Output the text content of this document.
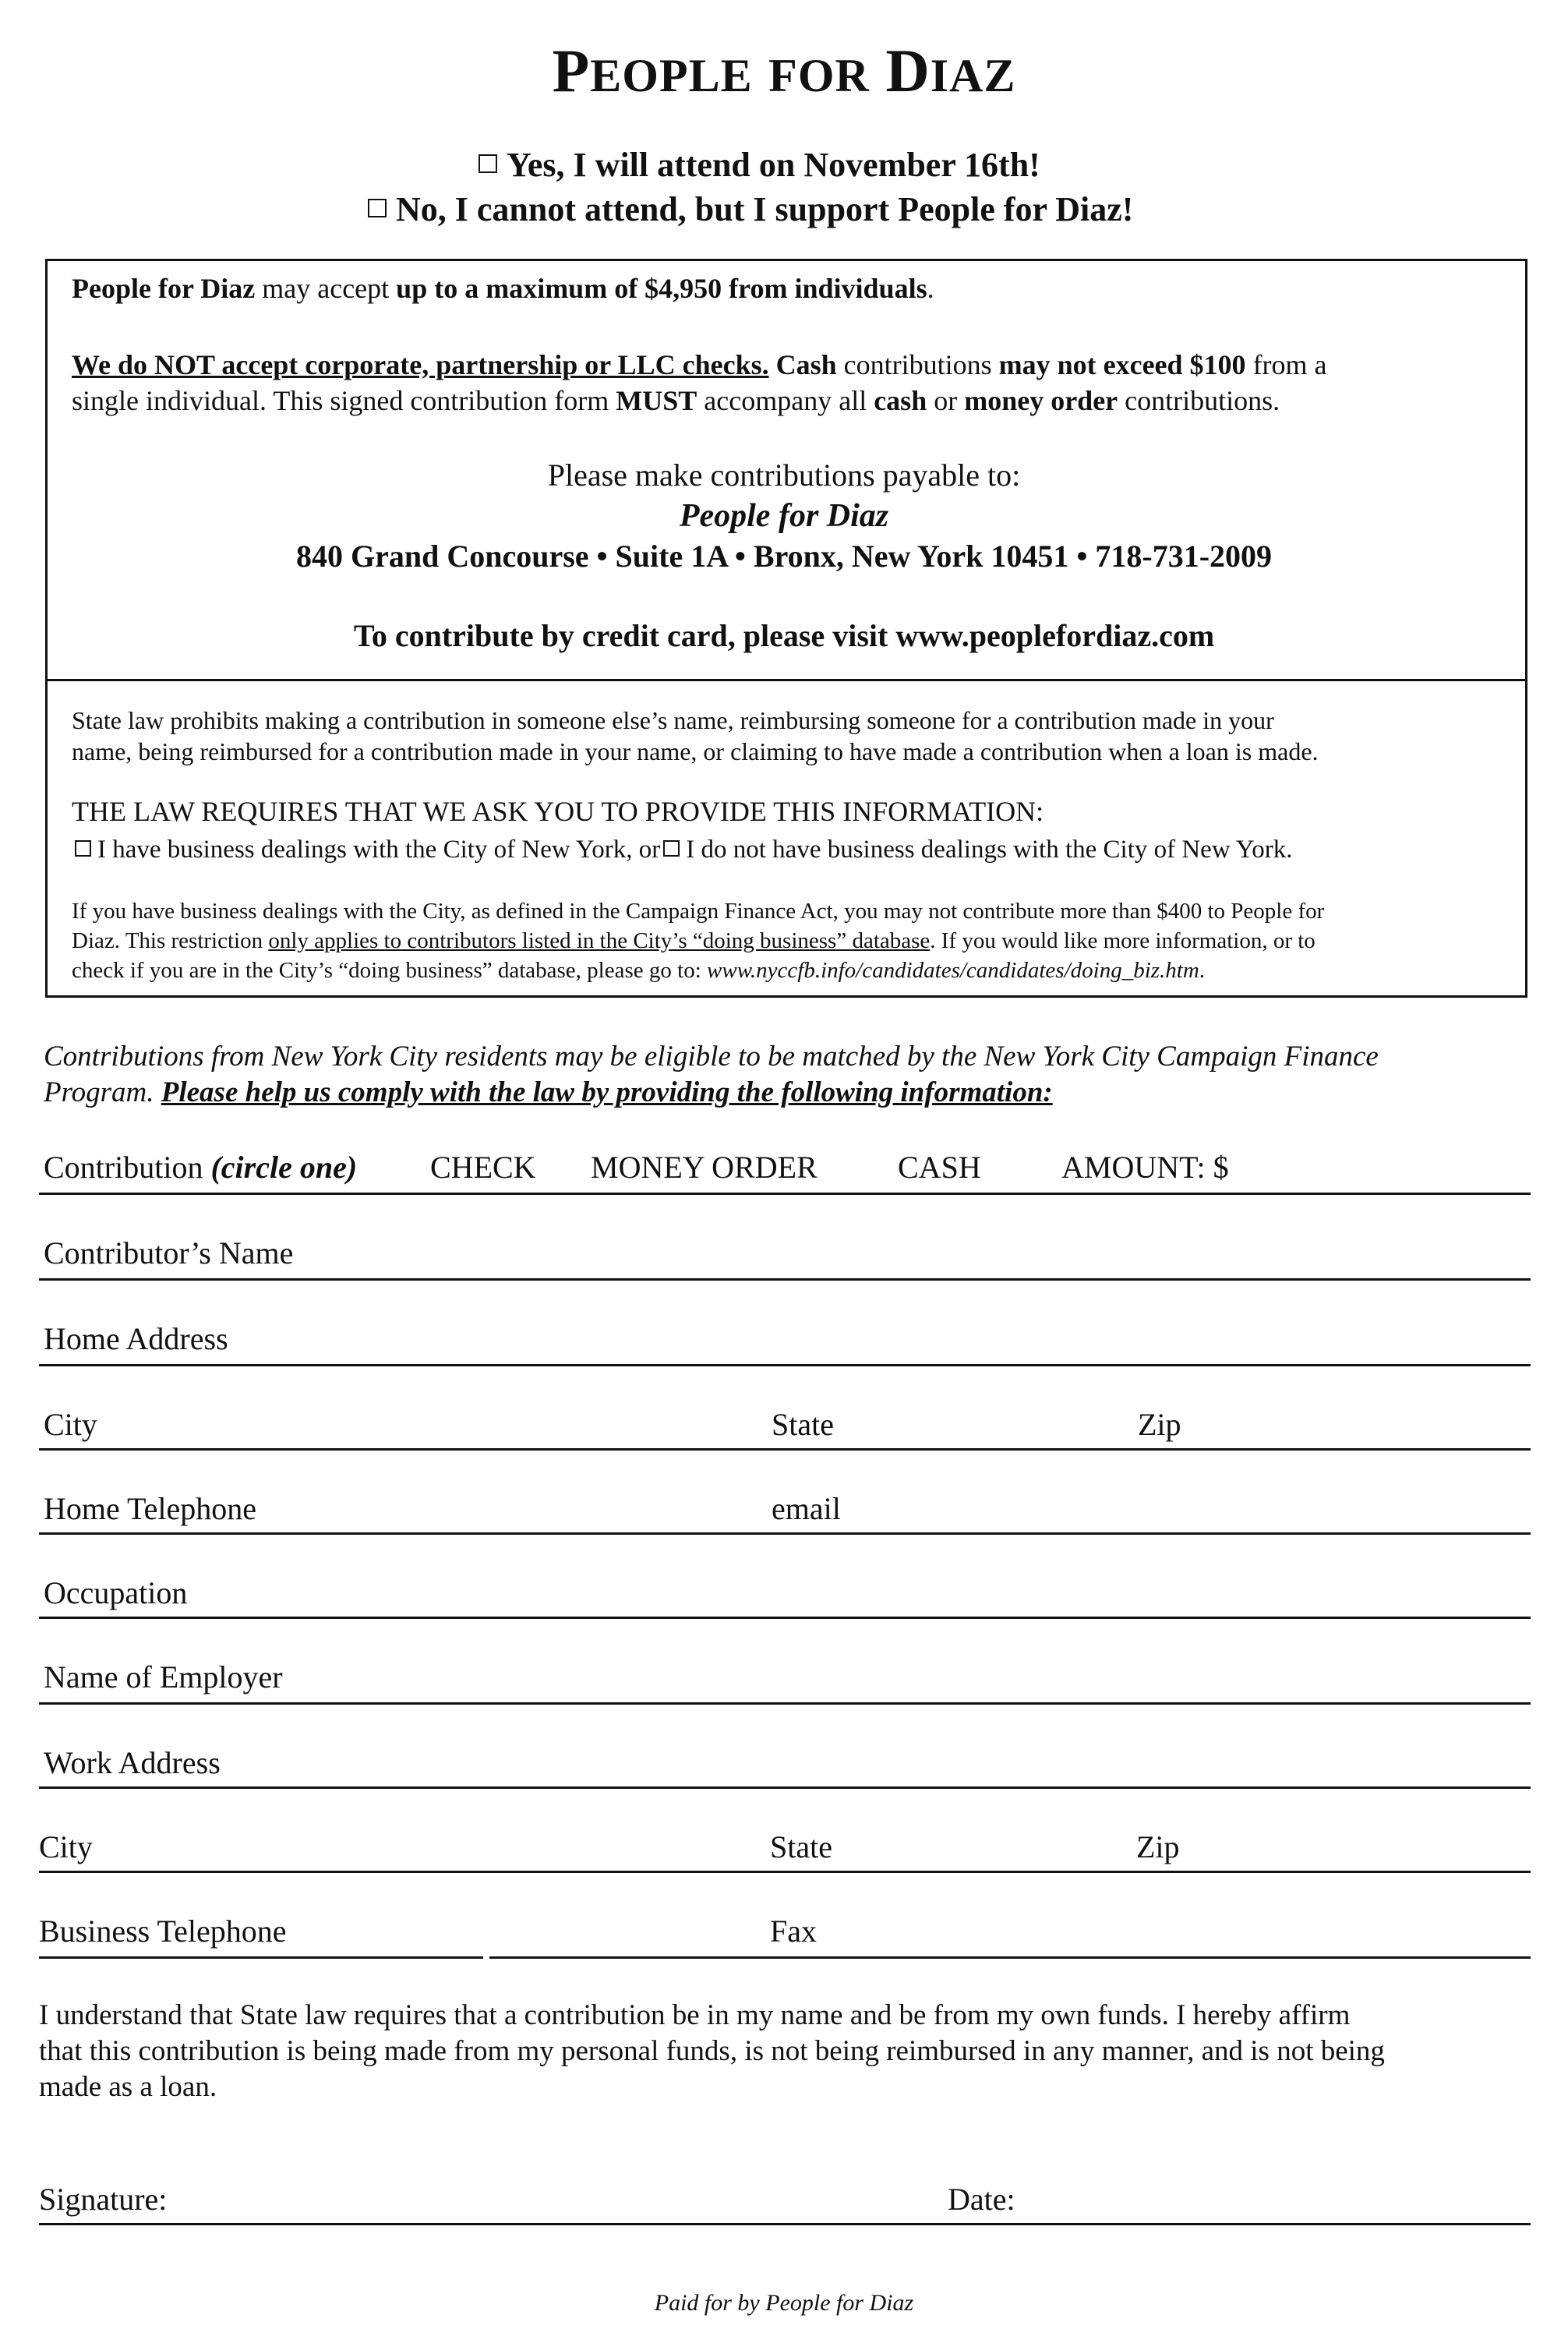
PEOPLE FOR DIAZ
Yes, I will attend on November 16th!
No, I cannot attend, but I support People for Diaz!
People for Diaz may accept up to a maximum of $4,950 from individuals.
We do NOT accept corporate, partnership or LLC checks. Cash contributions may not exceed $100 from a
single individual. This signed contribution form MUST accompany all cash or money order contributions.
Please make contributions payable to:
People for Diaz
840 Grand Concourse • Suite 1A • Bronx, New York 10451 • 718-731-2009
To contribute by credit card, please visit www.peoplefordiaz.com
State law prohibits making a contribution in someone else’s name, reimbursing someone for a contribution made in your
name, being reimbursed for a contribution made in your name, or claiming to have made a contribution when a loan is made.
THE LAW REQUIRES THAT WE ASK YOU TO PROVIDE THIS INFORMATION:
I have business dealings with the City of New York, or I do not have business dealings with the City of New York.
If you have business dealings with the City, as defined in the Campaign Finance Act, you may not contribute more than $400 to People for
Diaz. This restriction only applies to contributors listed in the City’s “doing business” database. If you would like more information, or to
check if you are in the City’s “doing business” database, please go to: www.nyccfb.info/candidates/candidates/doing_biz.htm.
Contributions from New York City residents may be eligible to be matched by the New York City Campaign Finance
Program. Please help us comply with the law by providing the following information:
Contribution (circle one) CHECK MONEY ORDER	CASH	AMOUNT: $
Contributor’s Name
Home Address
City	State	Zip
Home Telephone	email
Occupation
Name of Employer
Work Address
City	State	Zip
Business Telephone	Fax
I understand that State law requires that a contribution be in my name and be from my own funds. I hereby affirm
that this contribution is being made from my personal funds, is not being reimbursed in any manner, and is not being
made as a loan.
Signature:	Date:
Paid for by People for Diaz
